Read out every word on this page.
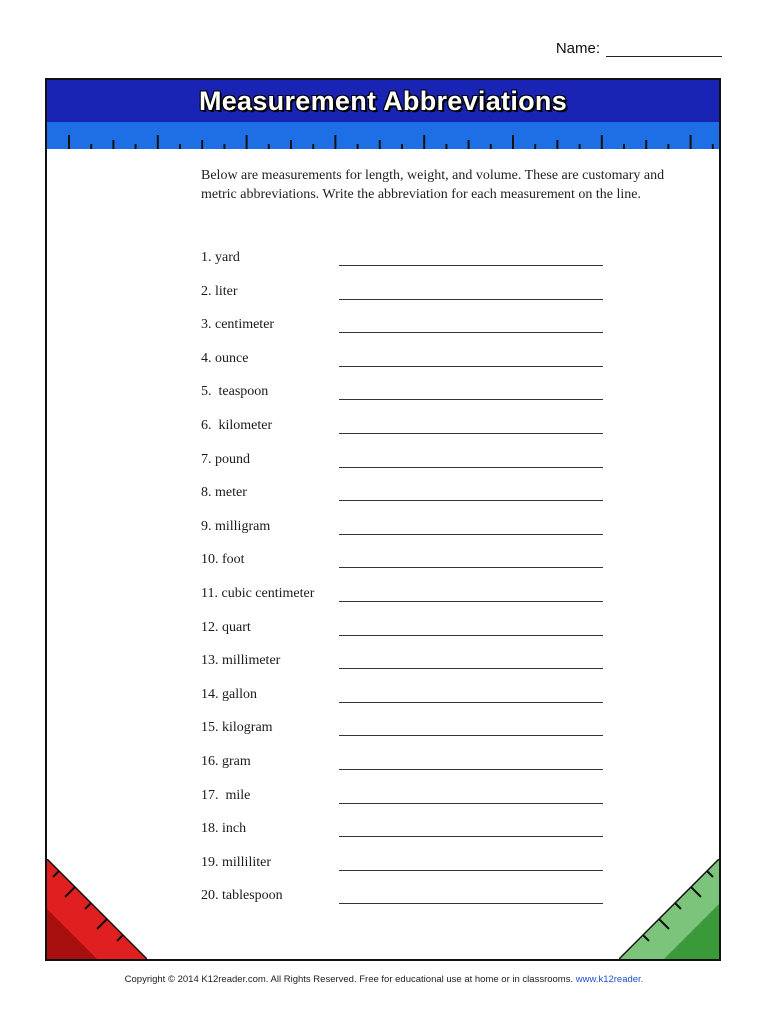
Name:
Measurement Abbreviations
Below are measurements for length, weight, and volume. These are customary and metric abbreviations. Write the abbreviation for each measurement on the line.
1. yard
2. liter
3. centimeter
4. ounce
5.  teaspoon
6.  kilometer
7. pound
8. meter
9. milligram
10. foot
11. cubic centimeter
12. quart
13. millimeter
14. gallon
15. kilogram
16. gram
17.  mile
18. inch
19. milliliter
20. tablespoon
Copyright © 2014 K12reader.com. All Rights Reserved. Free for educational use at home or in classrooms. www.k12reader.
